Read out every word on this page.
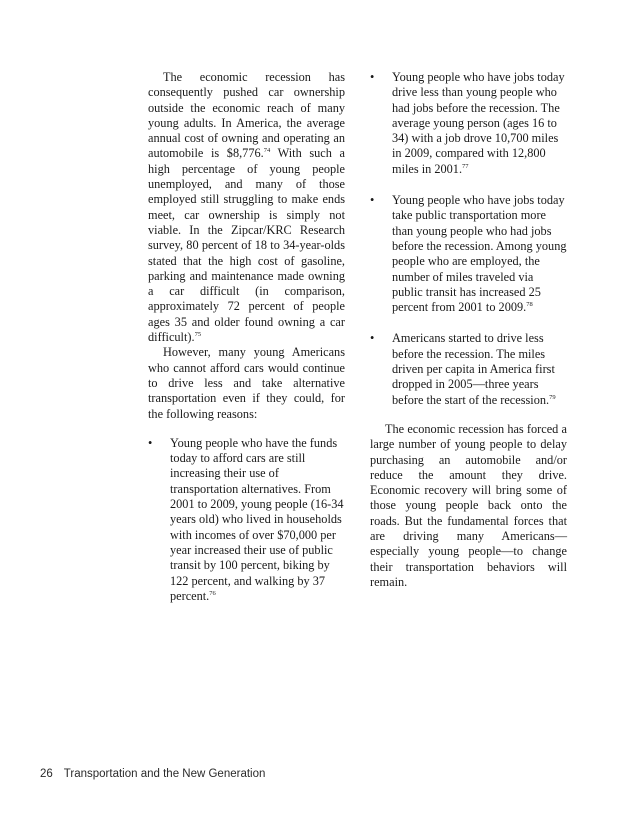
The economic recession has consequently pushed car ownership outside the economic reach of many young adults. In America, the average annual cost of owning and operating an automobile is $8,776.74 With such a high percentage of young people unemployed, and many of those employed still struggling to make ends meet, car ownership is simply not viable. In the Zipcar/KRC Research survey, 80 percent of 18 to 34-year-olds stated that the high cost of gasoline, parking and maintenance made owning a car difficult (in comparison, approximately 72 percent of people ages 35 and older found owning a car difficult).$^{75}$

However, many young Americans who cannot afford cars would continue to drive less and take alternative transportation even if they could, for the following reasons:

• Young people who have the funds today to afford cars are still increasing their use of transportation alternatives. From 2001 to 2009, young people (16-34 years old) who lived in households with incomes of over $70,000 per year increased their use of public transit by 100 percent, biking by 122 percent, and walking by 37 percent.$^{76}$
• Young people who have jobs today drive less than young people who had jobs before the recession. The average young person (ages 16 to 34) with a job drove 10,700 miles in 2009, compared with 12,800 miles in 2001.77
• Young people who have jobs today take public transportation more than young people who had jobs before the recession. Among young people who are employed, the number of miles traveled via public transit has increased 25 percent from 2001 to 2009.78
• Americans started to drive less before the recession. The miles driven per capita in America first dropped in 2005—three years before the start of the recession.$^{79}$

The economic recession has forced a large number of young people to delay purchasing an automobile and/or reduce the amount they drive. Economic recovery will bring some of those young people back onto the roads. But the fundamental forces that are driving many Americans—especially young people—to change their transportation behaviors will remain.

26 Transportation and the New Generation
